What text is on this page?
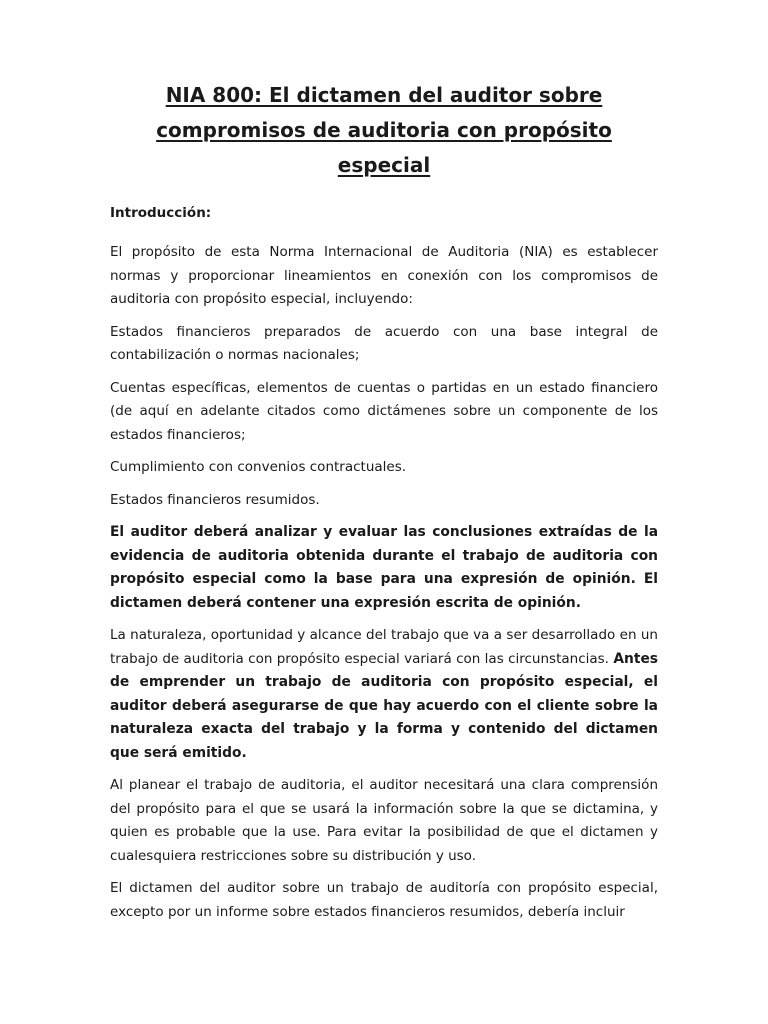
NIA 800: El dictamen del auditor sobre
compromisos de auditoria con propósito
especial
Introducción:

El propósito de esta Norma Internacional de Auditoria (NIA) es establecer normas y proporcionar lineamientos en conexión con los compromisos de auditoria con propósito especial, incluyendo:

Estados financieros preparados de acuerdo con una base integral de contabilización o normas nacionales;

Cuentas específicas, elementos de cuentas o partidas en un estado financiero (de aquí en adelante citados como dictámenes sobre un componente de los estados financieros;

Cumplimiento con convenios contractuales.

Estados financieros resumidos.

El auditor deberá analizar y evaluar las conclusiones extraídas de la evidencia de auditoria obtenida durante el trabajo de auditoria con propósito especial como la base para una expresión de opinión. El dictamen deberá contener una expresión escrita de opinión.

La naturaleza, oportunidad y alcance del trabajo que va a ser desarrollado en un trabajo de auditoria con propósito especial variará con las circunstancias. Antes de emprender un trabajo de auditoria con propósito especial, el auditor deberá asegurarse de que hay acuerdo con el cliente sobre la naturaleza exacta del trabajo y la forma y contenido del dictamen que será emitido.

Al planear el trabajo de auditoria, el auditor necesitará una clara comprensión del propósito para el que se usará la información sobre la que se dictamina, y quien es probable que la use. Para evitar la posibilidad de que el dictamen y cualesquiera restricciones sobre su distribución y uso.

El dictamen del auditor sobre un trabajo de auditoría con propósito especial, excepto por un informe sobre estados financieros resumidos, debería incluir
